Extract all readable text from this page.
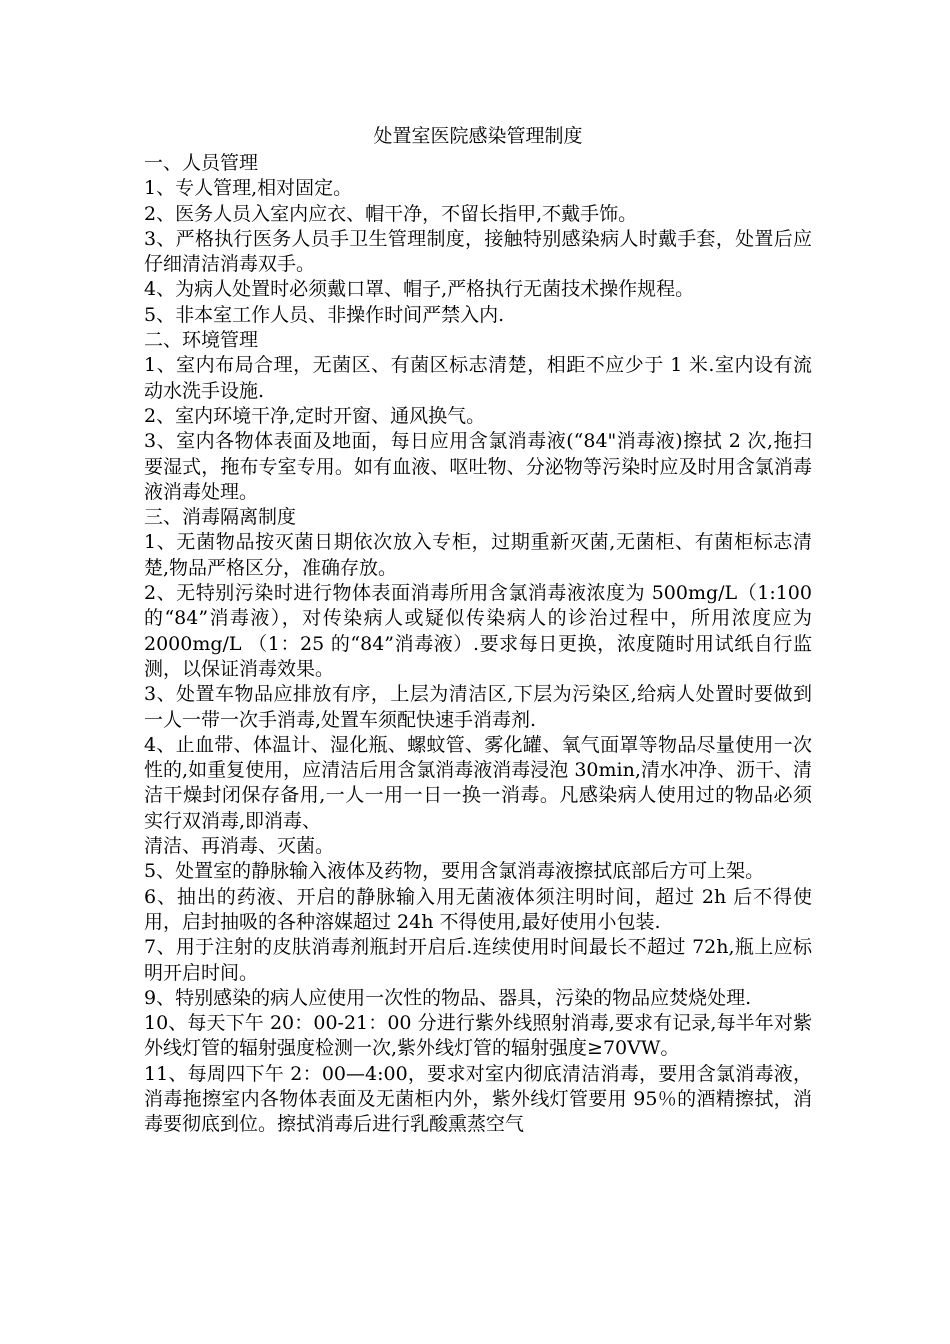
处置室医院感染管理制度

一、人员管理

1、专人管理,相对固定。

2、医务人员入室内应衣、帽干净，不留长指甲,不戴手饰。

3、严格执行医务人员手卫生管理制度，接触特别感染病人时戴手套，处置后应仔细清洁消毒双手。

4、为病人处置时必须戴口罩、帽子,严格执行无菌技术操作规程。

5、非本室工作人员、非操作时间严禁入内.

二、环境管理

1、室内布局合理，无菌区、有菌区标志清楚，相距不应少于 1 米.室内设有流动水洗手设施.

2、室内环境干净,定时开窗、通风换气。

3、室内各物体表面及地面，每日应用含氯消毒液(“84"消毒液)擦拭 2 次,拖扫要湿式，拖布专室专用。如有血液、呕吐物、分泌物等污染时应及时用含氯消毒液消毒处理。

三、消毒隔离制度

1、无菌物品按灭菌日期依次放入专柜，过期重新灭菌,无菌柜、有菌柜标志清楚,物品严格区分，准确存放。

2、无特别污染时进行物体表面消毒所用含氯消毒液浓度为 500mg/L（1:100 的“84”消毒液），对传染病人或疑似传染病人的诊治过程中，所用浓度应为 2000mg/L （1：25 的“84”消毒液）.要求每日更换，浓度随时用试纸自行监测，以保证消毒效果。

3、处置车物品应排放有序，上层为清洁区,下层为污染区,给病人处置时要做到一人一带一次手消毒,处置车须配快速手消毒剂.

4、止血带、体温计、湿化瓶、螺蚊管、雾化罐、氧气面罩等物品尽量使用一次性的,如重复使用，应清洁后用含氯消毒液消毒浸泡 30min,清水冲净、沥干、清洁干燥封闭保存备用,一人一用一日一换一消毒。凡感染病人使用过的物品必须实行双消毒,即消毒、

清洁、再消毒、灭菌。

5、处置室的静脉输入液体及药物，要用含氯消毒液擦拭底部后方可上架。

6、抽出的药液、开启的静脉输入用无菌液体须注明时间，超过 2h 后不得使用，启封抽吸的各种溶媒超过 24h 不得使用,最好使用小包装.

7、用于注射的皮肤消毒剂瓶封开启后.连续使用时间最长不超过 72h,瓶上应标明开启时间。

9、特别感染的病人应使用一次性的物品、器具，污染的物品应焚烧处理.

10、每天下午 20：00-21：00 分进行紫外线照射消毒,要求有记录,每半年对紫外线灯管的辐射强度检测一次,紫外线灯管的辐射强度≥70VW。

11、每周四下午 2：00—4:00，要求对室内彻底清洁消毒，要用含氯消毒液，消毒拖擦室内各物体表面及无菌柜内外，紫外线灯管要用 95％的酒精擦拭，消毒要彻底到位。擦拭消毒后进行乳酸熏蒸空气
